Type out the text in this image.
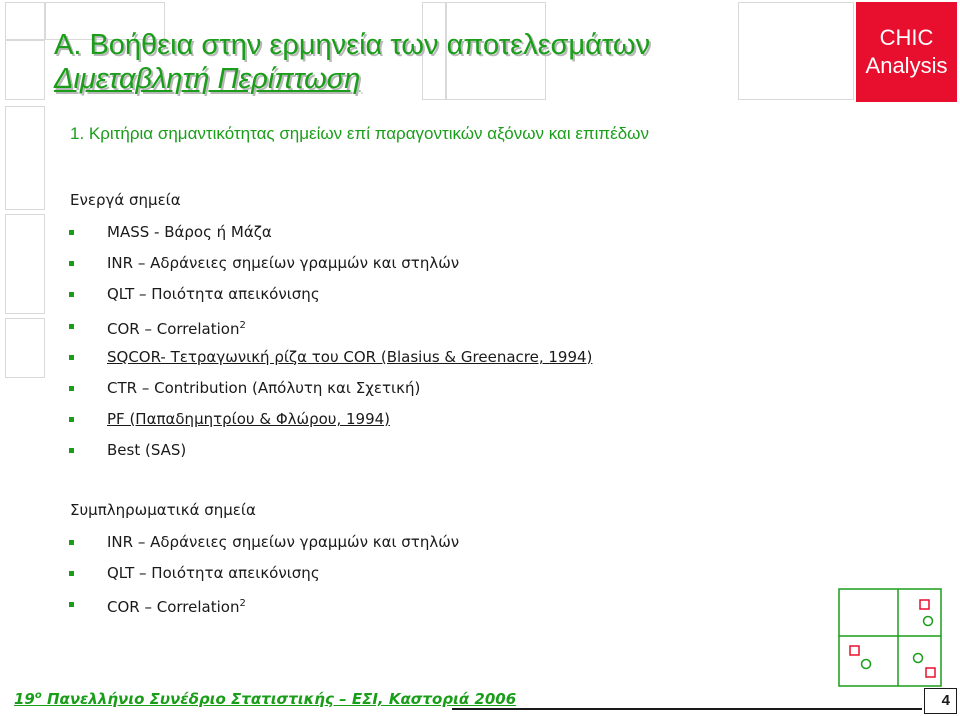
Α. Βοήθεια στην ερμηνεία των αποτελεσμάτων
Διμεταβλητή Περίπτωση
CHIC
Analysis
1. Κριτήρια σημαντικότητας σημείων επί παραγοντικών αξόνων και επιπέδων
Ενεργά σημεία
MASS - Βάρος ή Μάζα
INR – Αδράνειες σημείων γραμμών και στηλών
QLT – Ποιότητα απεικόνισης
COR – Correlation$^2$
SQCOR- Τετραγωνική ρίζα του COR (Blasius & Greenacre, 1994)
CTR – Contribution (Απόλυτη και Σχετική)
PF (Παπαδημητρίου & Φλώρου, 1994)
Best (SAS)
Συμπληρωματικά σημεία
INR – Αδράνειες σημείων γραμμών και στηλών
QLT – Ποιότητα απεικόνισης
COR – Correlation$^2$
$19^o$ Πανελλήνιο Συνέδριο Στατιστικής – ΕΣΙ, Καστοριά 2006	4
